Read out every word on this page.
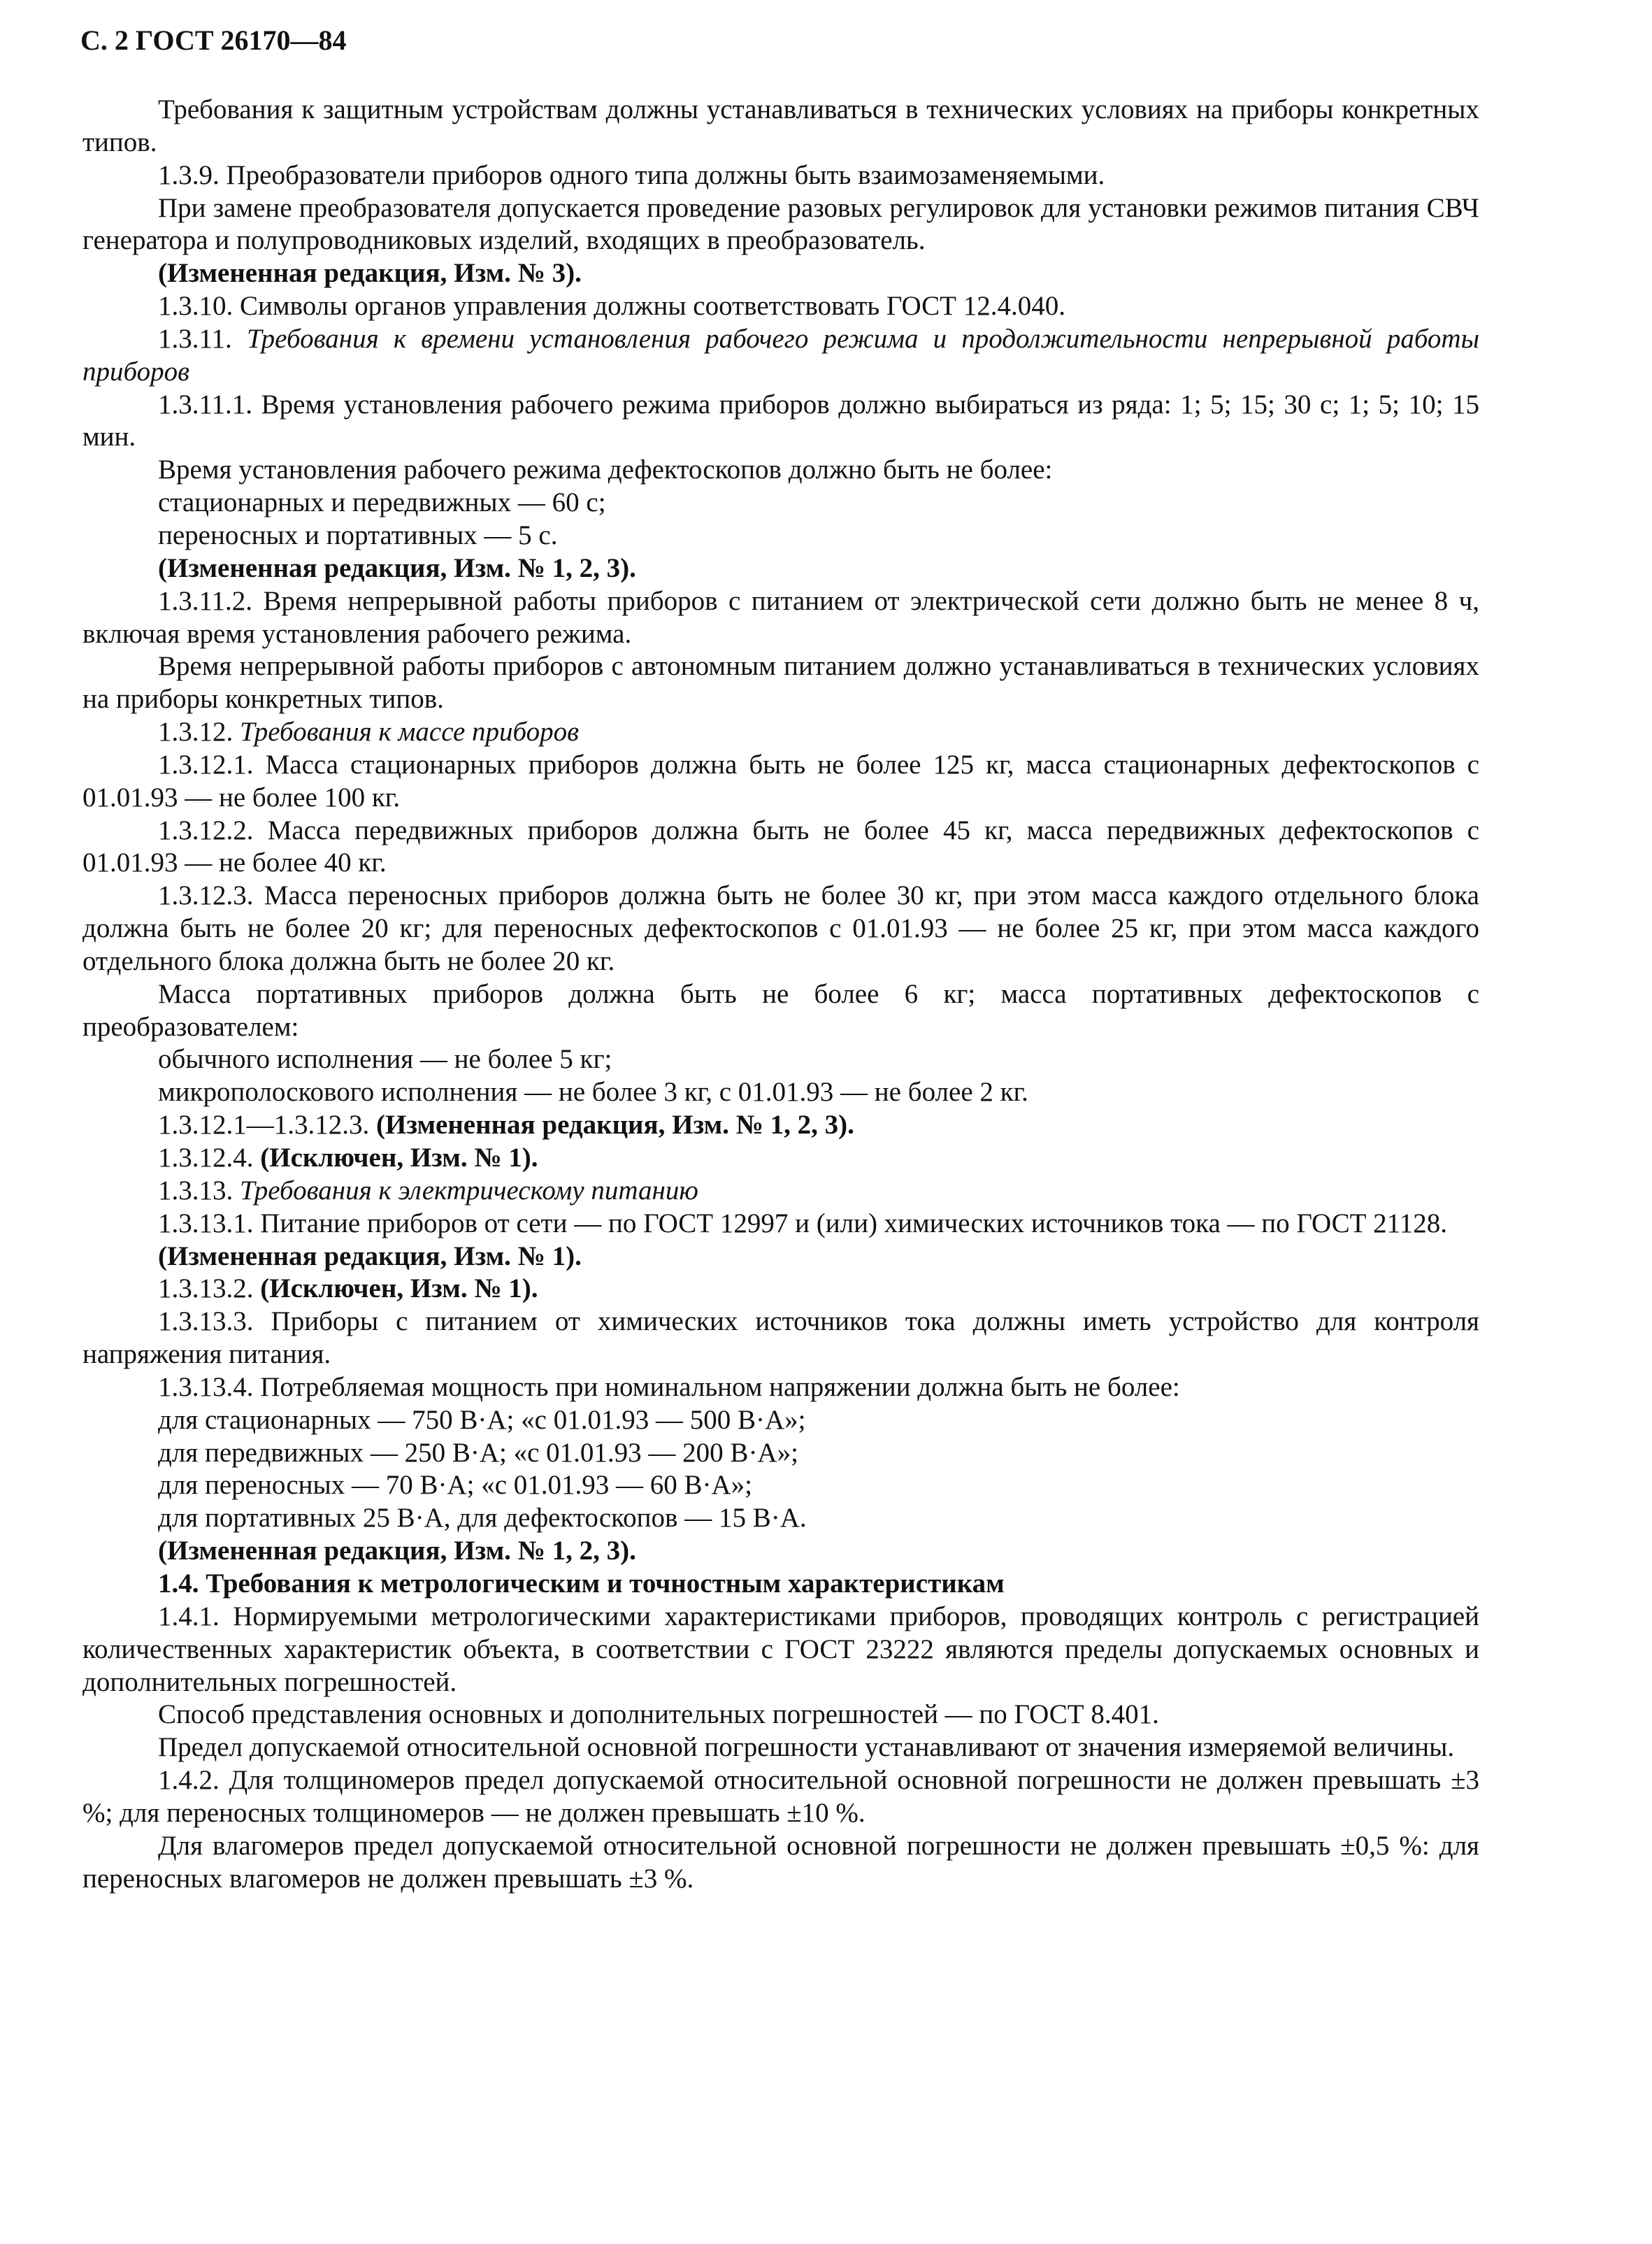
С. 2 ГОСТ 26170—84

Требования к защитным устройствам должны устанавливаться в технических условиях на приборы конкретных типов.

1.3.9. Преобразователи приборов одного типа должны быть взаимозаменяемыми.

При замене преобразователя допускается проведение разовых регулировок для установки режимов питания СВЧ генератора и полупроводниковых изделий, входящих в преобразователь.

(Измененная редакция, Изм. № 3).

1.3.10. Символы органов управления должны соответствовать ГОСТ 12.4.040.

1.3.11. Требования к времени установления рабочего режима и продолжительности непрерывной работы приборов

1.3.11.1. Время установления рабочего режима приборов должно выбираться из ряда: 1; 5; 15; 30 с; 1; 5; 10; 15 мин.

Время установления рабочего режима дефектоскопов должно быть не более:

стационарных и передвижных — 60 с;

переносных и портативных — 5 с.

(Измененная редакция, Изм. № 1, 2, 3).

1.3.11.2. Время непрерывной работы приборов с питанием от электрической сети должно быть не менее 8 ч, включая время установления рабочего режима.

Время непрерывной работы приборов с автономным питанием должно устанавливаться в технических условиях на приборы конкретных типов.

1.3.12. Требования к массе приборов

1.3.12.1. Масса стационарных приборов должна быть не более 125 кг, масса стационарных дефектоскопов с 01.01.93 — не более 100 кг.

1.3.12.2. Масса передвижных приборов должна быть не более 45 кг, масса передвижных дефектоскопов с 01.01.93 — не более 40 кг.

1.3.12.3. Масса переносных приборов должна быть не более 30 кг, при этом масса каждого отдельного блока должна быть не более 20 кг; для переносных дефектоскопов с 01.01.93 — не более 25 кг, при этом масса каждого отдельного блока должна быть не более 20 кг.

Масса портативных приборов должна быть не более 6 кг; масса портативных дефектоскопов с преобразователем:

обычного исполнения — не более 5 кг;

микрополоскового исполнения — не более 3 кг, с 01.01.93 — не более 2 кг.

1.3.12.1—1.3.12.3. (Измененная редакция, Изм. № 1, 2, 3).

1.3.12.4. (Исключен, Изм. № 1).

1.3.13. Требования к электрическому питанию

1.3.13.1. Питание приборов от сети — по ГОСТ 12997 и (или) химических источников тока — по ГОСТ 21128.

(Измененная редакция, Изм. № 1).

1.3.13.2. (Исключен, Изм. № 1).

1.3.13.3. Приборы с питанием от химических источников тока должны иметь устройство для контроля напряжения питания.

1.3.13.4. Потребляемая мощность при номинальном напряжении должна быть не более:

для стационарных — 750 В·А; «с 01.01.93 — 500 В·А»;

для передвижных — 250 В·А; «с 01.01.93 — 200 В·А»;

для переносных — 70 В·А; «с 01.01.93 — 60 В·А»;

для портативных 25 В·А, для дефектоскопов — 15 В·А.

(Измененная редакция, Изм. № 1, 2, 3).

1.4. Требования к метрологическим и точностным характеристикам

1.4.1. Нормируемыми метрологическими характеристиками приборов, проводящих контроль с регистрацией количественных характеристик объекта, в соответствии с ГОСТ 23222 являются пределы допускаемых основных и дополнительных погрешностей.

Способ представления основных и дополнительных погрешностей — по ГОСТ 8.401.

Предел допускаемой относительной основной погрешности устанавливают от значения измеряемой величины.

1.4.2. Для толщиномеров предел допускаемой относительной основной погрешности не должен превышать ±3 %; для переносных толщиномеров — не должен превышать ±10 %.

Для влагомеров предел допускаемой относительной основной погрешности не должен превышать ±0,5 %: для переносных влагомеров не должен превышать ±3 %.
